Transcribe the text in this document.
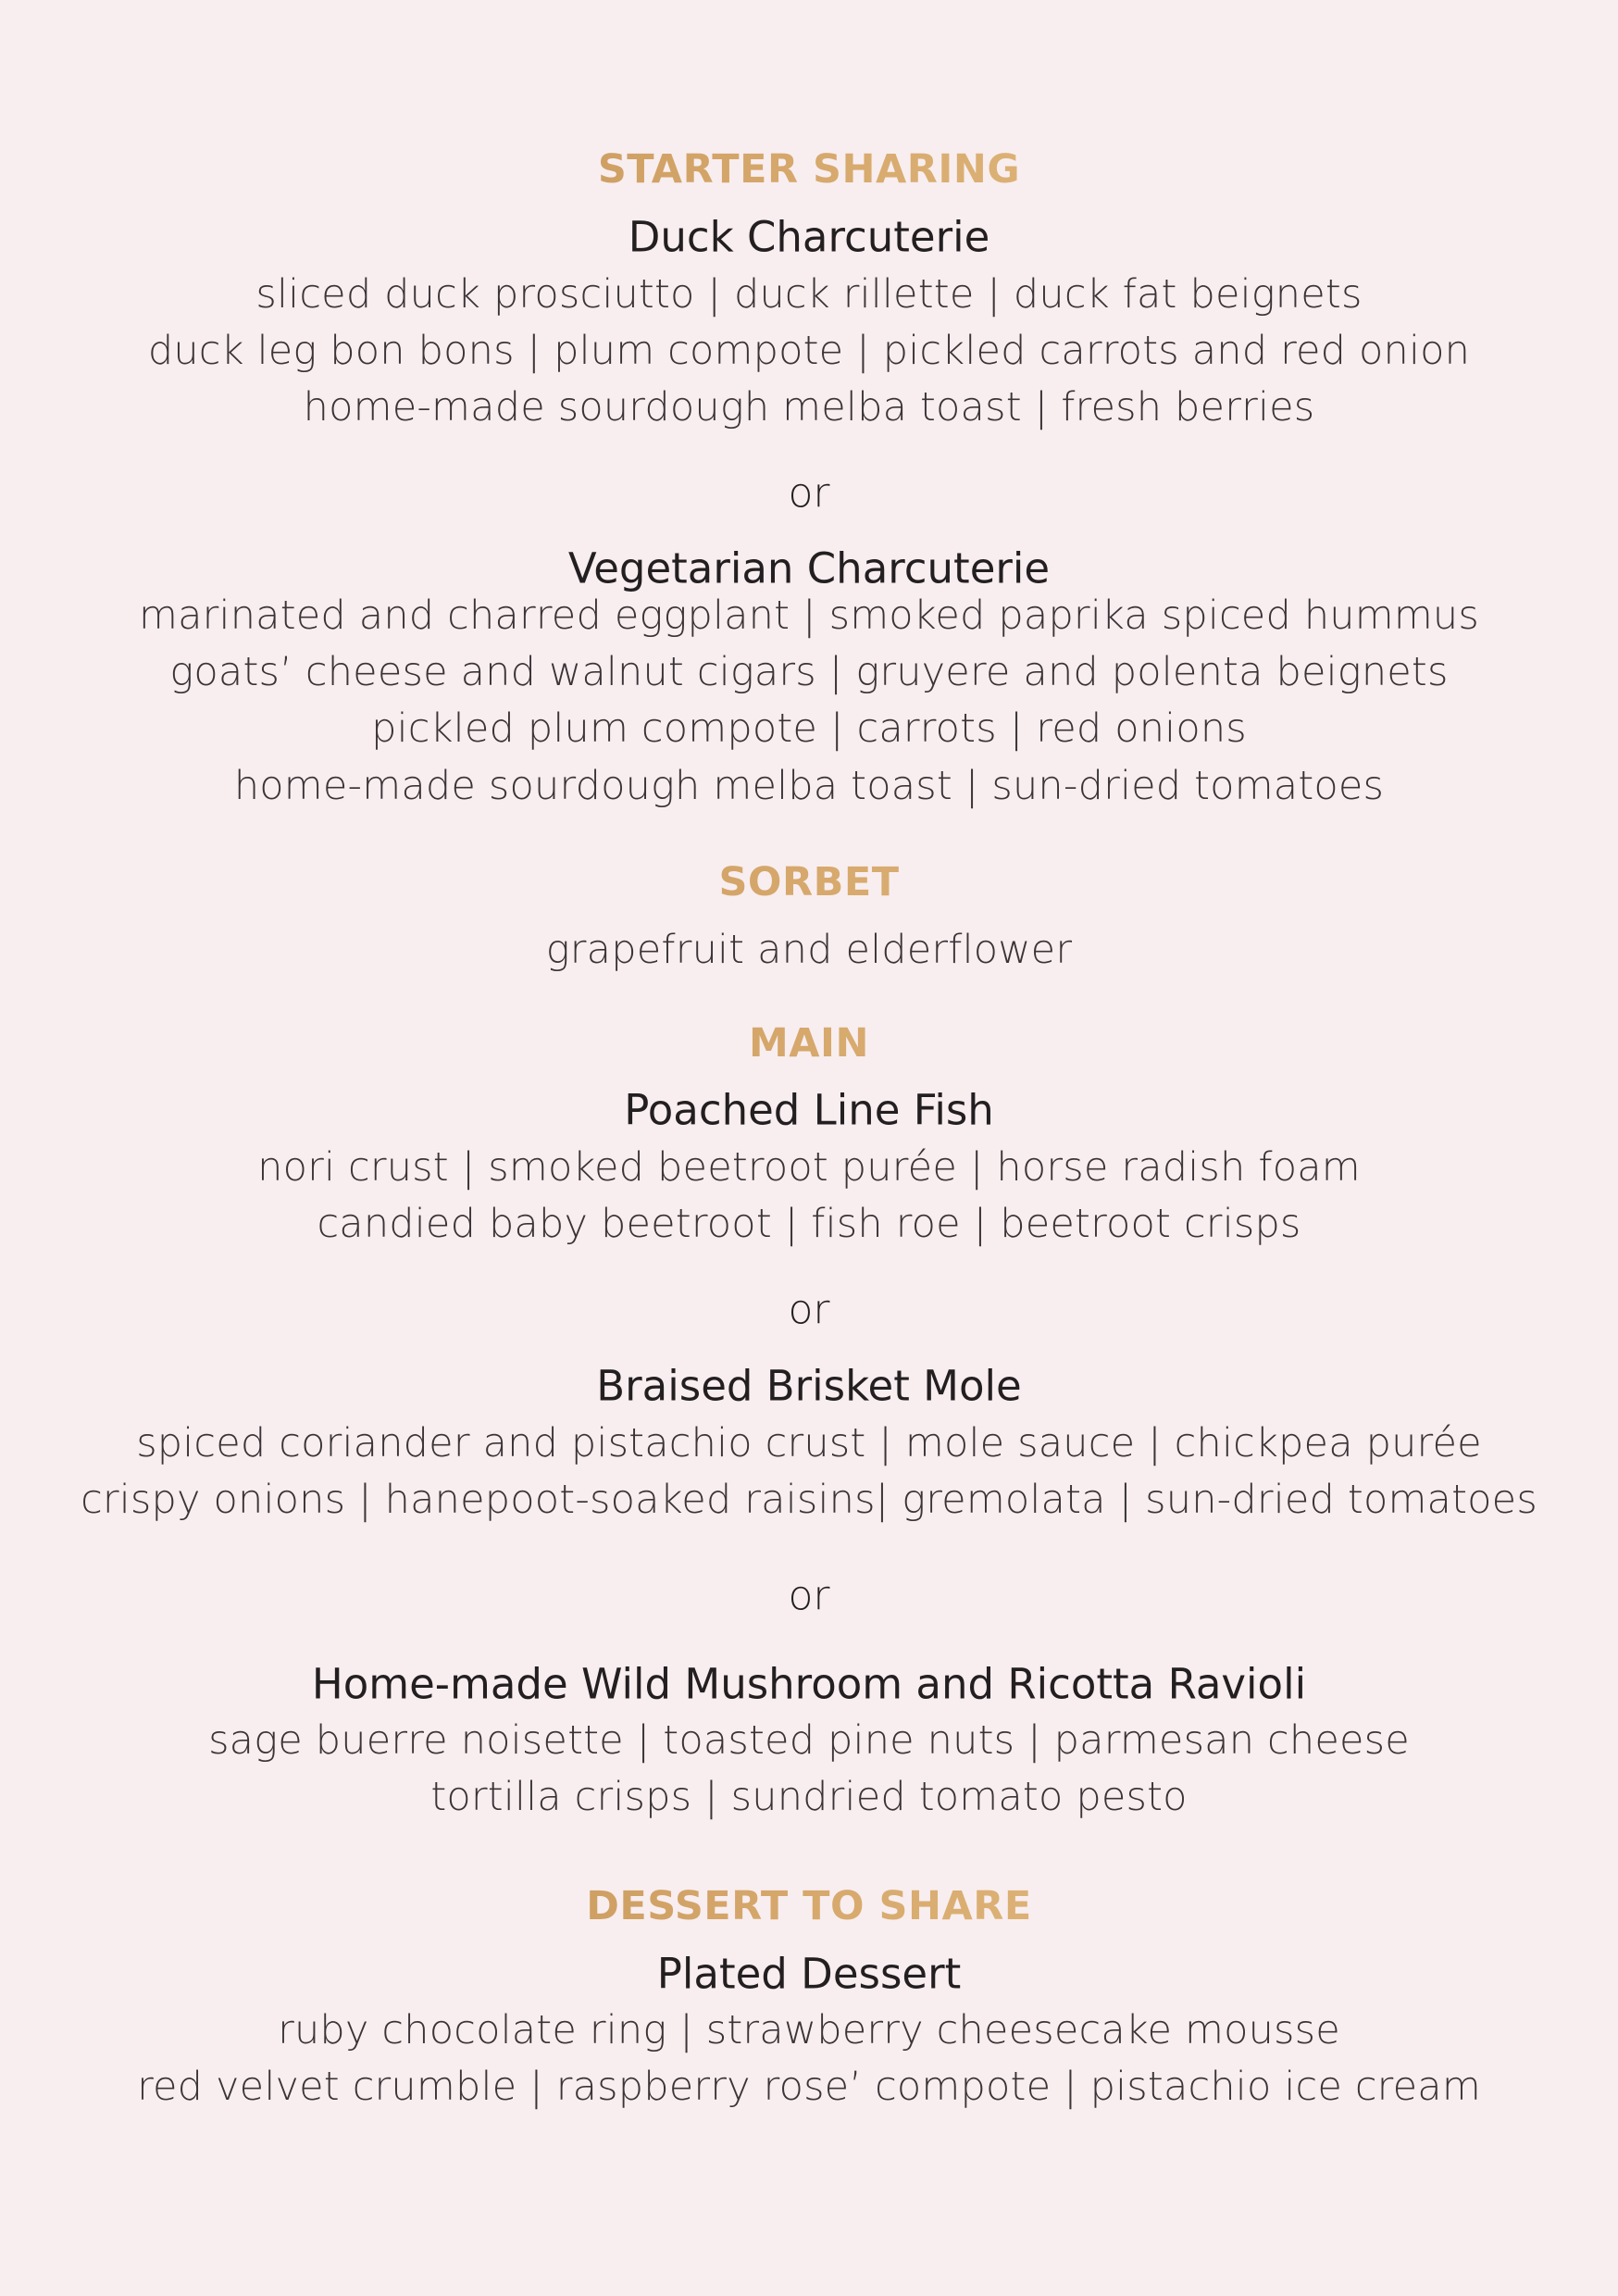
STARTER SHARING
Duck Charcuterie
sliced duck prosciutto | duck rillette | duck fat beignets
duck leg bon bons | plum compote | pickled carrots and red onion
home-made sourdough melba toast | fresh berries
or
Vegetarian Charcuterie
marinated and charred eggplant | smoked paprika spiced hummus
goats’ cheese and walnut cigars | gruyere and polenta beignets
pickled plum compote | carrots | red onions
home-made sourdough melba toast | sun-dried tomatoes
SORBET
grapefruit and elderflower
MAIN
Poached Line Fish
nori crust | smoked beetroot purée | horse radish foam
candied baby beetroot | fish roe | beetroot crisps
or
Braised Brisket Mole
spiced coriander and pistachio crust | mole sauce | chickpea purée
crispy onions | hanepoot-soaked raisins| gremolata | sun-dried tomatoes
or
Home-made Wild Mushroom and Ricotta Ravioli
sage buerre noisette | toasted pine nuts | parmesan cheese
tortilla crisps | sundried tomato pesto
DESSERT TO SHARE
Plated Dessert
ruby chocolate ring | strawberry cheesecake mousse
red velvet crumble | raspberry rose’ compote | pistachio ice cream
